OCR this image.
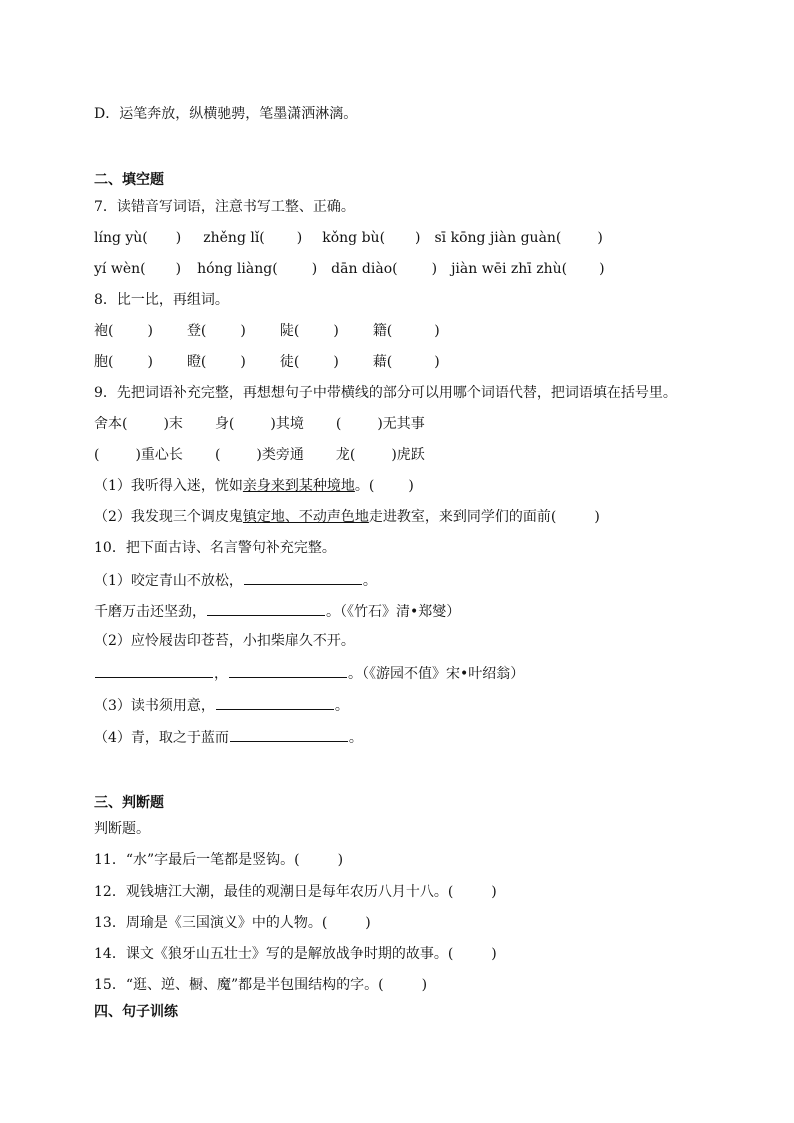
D．运笔奔放，纵横驰骋，笔墨潇洒淋漓。
二、填空题
7．读错音写词语，注意书写工整、正确。
líng yù( ) zhěng lǐ( ) kǒng bù( ) sī kōng jiàn guàn(	)
yí wèn( ) hóng liàng( ) dān diào( ) jiàn wēi zhī zhù( )
8．比一比，再组词。
袍( ) 登( ) 陡( ) 籍(	)
胞( ) 瞪( ) 徒( ) 藉(	)
9．先把词语补充完整，再想想句子中带横线的部分可以用哪个词语代替，把词语填在括号里。
舍本(	)末 身(	)其境 (	)无其事
(	)重心长 (	)类旁通 龙(	)虎跃
（1）我听得入迷，恍如亲身来到某种境地。( )
（2）我发现三个调皮鬼镇定地、不动声色地走进教室，来到同学们的面前(	)
10．把下面古诗、名言警句补充完整。
（1）咬定青山不放松，	。
千磨万击还坚劲，	。（《竹石》清•郑燮）
（2）应怜屐齿印苍苔，小扣柴扉久不开。
，	。（《游园不值》宋•叶绍翁）
（3）读书须用意，	。
（4）青，取之于蓝而	。
三、判断题
判断题。
11．“水”字最后一笔都是竖钩。(	)
12．观钱塘江大潮，最佳的观潮日是每年农历八月十八。(	)
13．周瑜是《三国演义》中的人物。(	)
14．课文《狼牙山五壮士》写的是解放战争时期的故事。(	)
15．“逛、逆、橱、魔”都是半包围结构的字。(	)
四、句子训练
